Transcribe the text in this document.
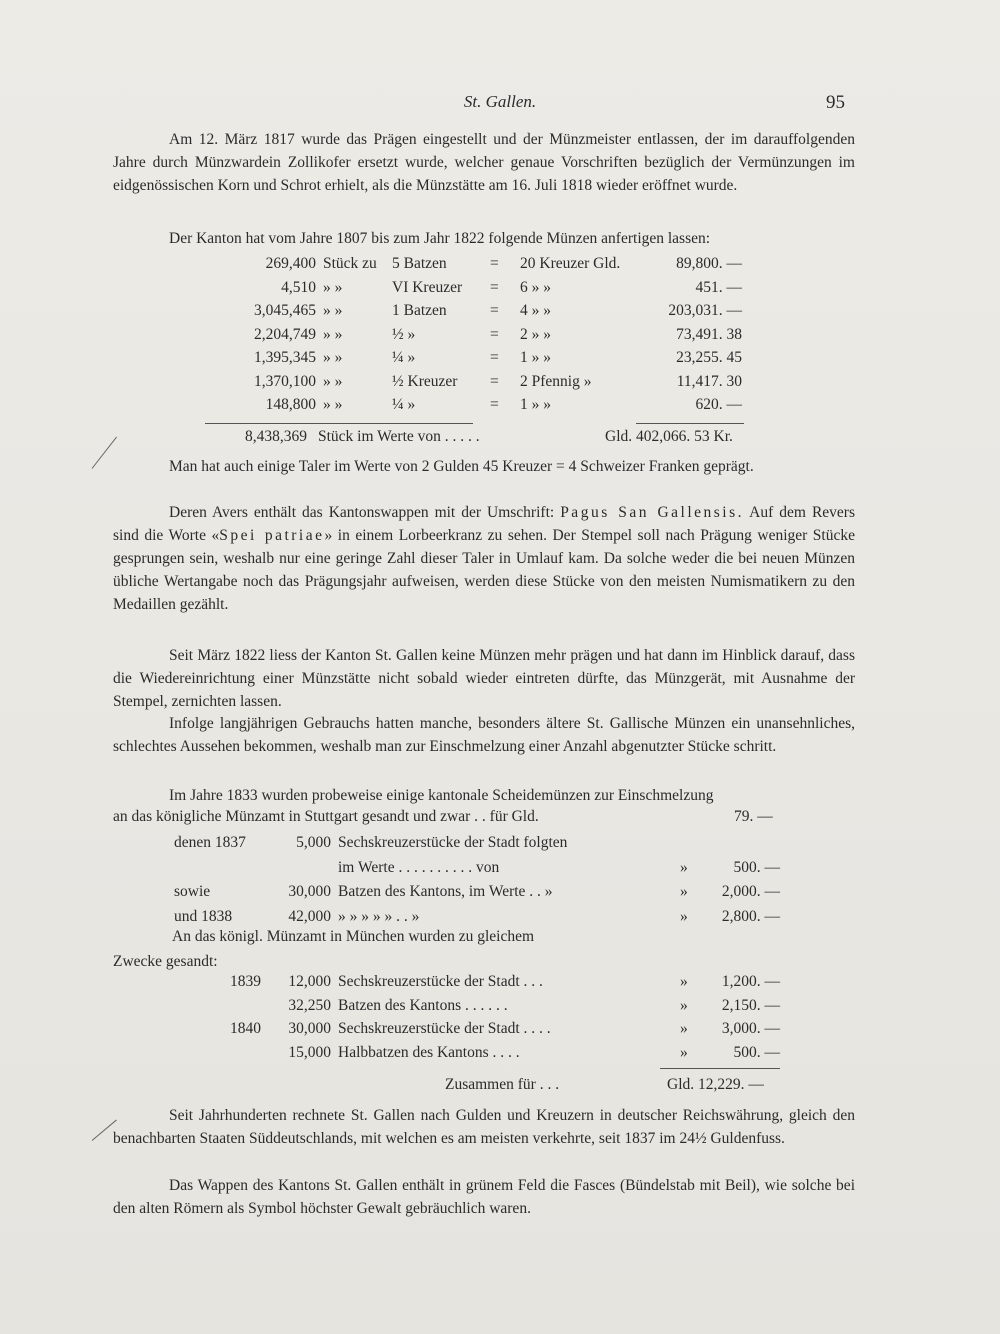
St. Gallen.	95

Am 12. März 1817 wurde das Prägen eingestellt und der Münzmeister entlassen, der im darauffolgenden Jahre durch Münzwardein Zollikofer ersetzt wurde, welcher genaue Vorschriften bezüglich der Vermünzungen im eidgenössischen Korn und Schrot erhielt, als die Münzstätte am 16. Juli 1818 wieder eröffnet wurde.

Der Kanton hat vom Jahre 1807 bis zum Jahr 1822 folgende Münzen anfertigen lassen:

269,400 Stück zu 5 Batzen	= 20 Kreuzer Gld.	89,800. —
4,510 » »	VI Kreuzer = 6 » »	451. —
3,045,465 » »	1 Batzen	= 4 » »	203,031. —
2,204,749 » »	½ »	= 2 » »	73,491. 38
1,395,345 » »	¼ »	= 1 » »	23,255. 45
1,370,100 » »	½ Kreuzer = 2 Pfennig »	11,417. 30
148,800 » »	¼ »	= 1 » »	620. —
8,438,369 Stück im Werte von . . . . .	Gld. 402,066. 53 Kr.

Man hat auch einige Taler im Werte von 2 Gulden 45 Kreuzer = 4 Schweizer Franken geprägt.

Deren Avers enthält das Kantonswappen mit der Umschrift: Pagus San Gallensis. Auf dem Revers sind die Worte «Spei patriae» in einem Lorbeerkranz zu sehen. Der Stempel soll nach Prägung weniger Stücke gesprungen sein, weshalb nur eine geringe Zahl dieser Taler in Umlauf kam. Da solche weder die bei neuen Münzen übliche Wertangabe noch das Prägungsjahr aufweisen, werden diese Stücke von den meisten Numismatikern zu den Medaillen gezählt.

Seit März 1822 liess der Kanton St. Gallen keine Münzen mehr prägen und hat dann im Hinblick darauf, dass die Wiedereinrichtung einer Münzstätte nicht sobald wieder eintreten dürfte, das Münzgerät, mit Ausnahme der Stempel, zernichten lassen.

Infolge langjährigen Gebrauchs hatten manche, besonders ältere St. Gallische Münzen ein unansehnliches, schlechtes Aussehen bekommen, weshalb man zur Einschmelzung einer Anzahl abgenutzter Stücke schritt.

Im Jahre 1833 wurden probeweise einige kantonale Scheidemünzen zur Einschmelzung

an das königliche Münzamt in Stuttgart gesandt und zwar . . für Gld.	79. —
denen 1837	5,000 Sechskreuzerstücke der Stadt folgten
im Werte . . . . . . . . . . von	»	500. —
sowie	30,000 Batzen des Kantons, im Werte . . »	» 2,000. —
und 1838	42,000 » » » » » . . »	» 2,800. —
An das königl. Münzamt in München wurden zu gleichem
Zwecke gesandt:
1839 12,000 Sechskreuzerstücke der Stadt . . .	» 1,200. —
32,250 Batzen des Kantons . . . . . .	» 2,150. —
1840 30,000 Sechskreuzerstücke der Stadt . . . .	» 3,000. —
15,000 Halbbatzen des Kantons . . . .	»	500. —
Zusammen für . . .	Gld. 12,229. —

Seit Jahrhunderten rechnete St. Gallen nach Gulden und Kreuzern in deutscher Reichswährung, gleich den benachbarten Staaten Süddeutschlands, mit welchen es am meisten verkehrte, seit 1837 im 24½ Guldenfuss.

Das Wappen des Kantons St. Gallen enthält in grünem Feld die Fasces (Bündelstab mit Beil), wie solche bei den alten Römern als Symbol höchster Gewalt gebräuchlich waren.
